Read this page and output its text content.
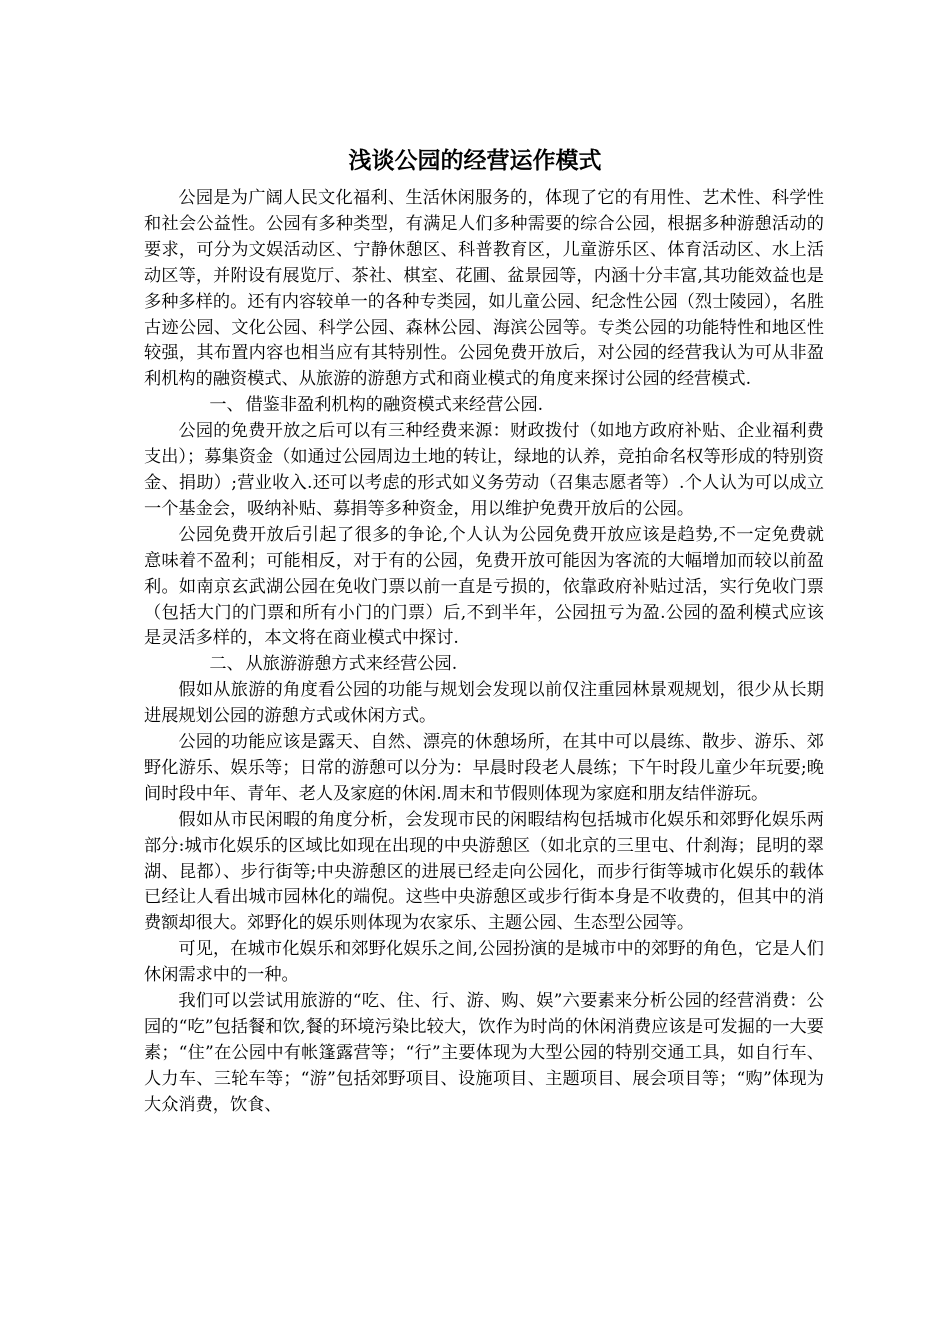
浅谈公园的经营运作模式

公园是为广阔人民文化福利、生活休闲服务的，体现了它的有用性、艺术性、科学性和社会公益性。公园有多种类型，有满足人们多种需要的综合公园，根据多种游憩活动的要求，可分为文娱活动区、宁静休憩区、科普教育区，儿童游乐区、体育活动区、水上活动区等，并附设有展览厅、茶社、棋室、花圃、盆景园等，内涵十分丰富,其功能效益也是多种多样的。还有内容较单一的各种专类园，如儿童公园、纪念性公园（烈士陵园），名胜古迹公园、文化公园、科学公园、森林公园、海滨公园等。专类公园的功能特性和地区性较强，其布置内容也相当应有其特别性。公园免费开放后，对公园的经营我认为可从非盈利机构的融资模式、从旅游的游憩方式和商业模式的角度来探讨公园的经营模式.

一、 借鉴非盈利机构的融资模式来经营公园.

公园的免费开放之后可以有三种经费来源：财政拨付（如地方政府补贴、企业福利费支出）；募集资金（如通过公园周边土地的转让，绿地的认养，竞拍命名权等形成的特别资金、捐助）;营业收入.还可以考虑的形式如义务劳动（召集志愿者等）.个人认为可以成立一个基金会，吸纳补贴、募捐等多种资金，用以维护免费开放后的公园。

公园免费开放后引起了很多的争论,个人认为公园免费开放应该是趋势,不一定免费就意味着不盈利；可能相反，对于有的公园，免费开放可能因为客流的大幅增加而较以前盈利。如南京玄武湖公园在免收门票以前一直是亏损的，依靠政府补贴过活，实行免收门票（包括大门的门票和所有小门的门票）后,不到半年，公园扭亏为盈.公园的盈利模式应该是灵活多样的，本文将在商业模式中探讨.

二、 从旅游游憩方式来经营公园.

假如从旅游的角度看公园的功能与规划会发现以前仅注重园林景观规划，很少从长期进展规划公园的游憩方式或休闲方式。

公园的功能应该是露天、自然、漂亮的休憩场所，在其中可以晨练、散步、游乐、郊野化游乐、娱乐等；日常的游憩可以分为：早晨时段老人晨练；下午时段儿童少年玩要;晚间时段中年、青年、老人及家庭的休闲.周末和节假则体现为家庭和朋友结伴游玩。

假如从市民闲暇的角度分析，会发现市民的闲暇结构包括城市化娱乐和郊野化娱乐两部分:城市化娱乐的区域比如现在出现的中央游憩区（如北京的三里屯、什刹海；昆明的翠湖、昆都）、步行街等;中央游憩区的进展已经走向公园化，而步行街等城市化娱乐的载体已经让人看出城市园林化的端倪。这些中央游憩区或步行街本身是不收费的，但其中的消费额却很大。郊野化的娱乐则体现为农家乐、主题公园、生态型公园等。

可见，在城市化娱乐和郊野化娱乐之间,公园扮演的是城市中的郊野的角色，它是人们休闲需求中的一种。

我们可以尝试用旅游的“吃、住、行、游、购、娱”六要素来分析公园的经营消费：公园的“吃”包括餐和饮,餐的环境污染比较大，饮作为时尚的休闲消费应该是可发掘的一大要素；“住”在公园中有帐篷露营等；“行”主要体现为大型公园的特别交通工具，如自行车、人力车、三轮车等；“游”包括郊野项目、设施项目、主题项目、展会项目等；“购”体现为大众消费，饮食、
